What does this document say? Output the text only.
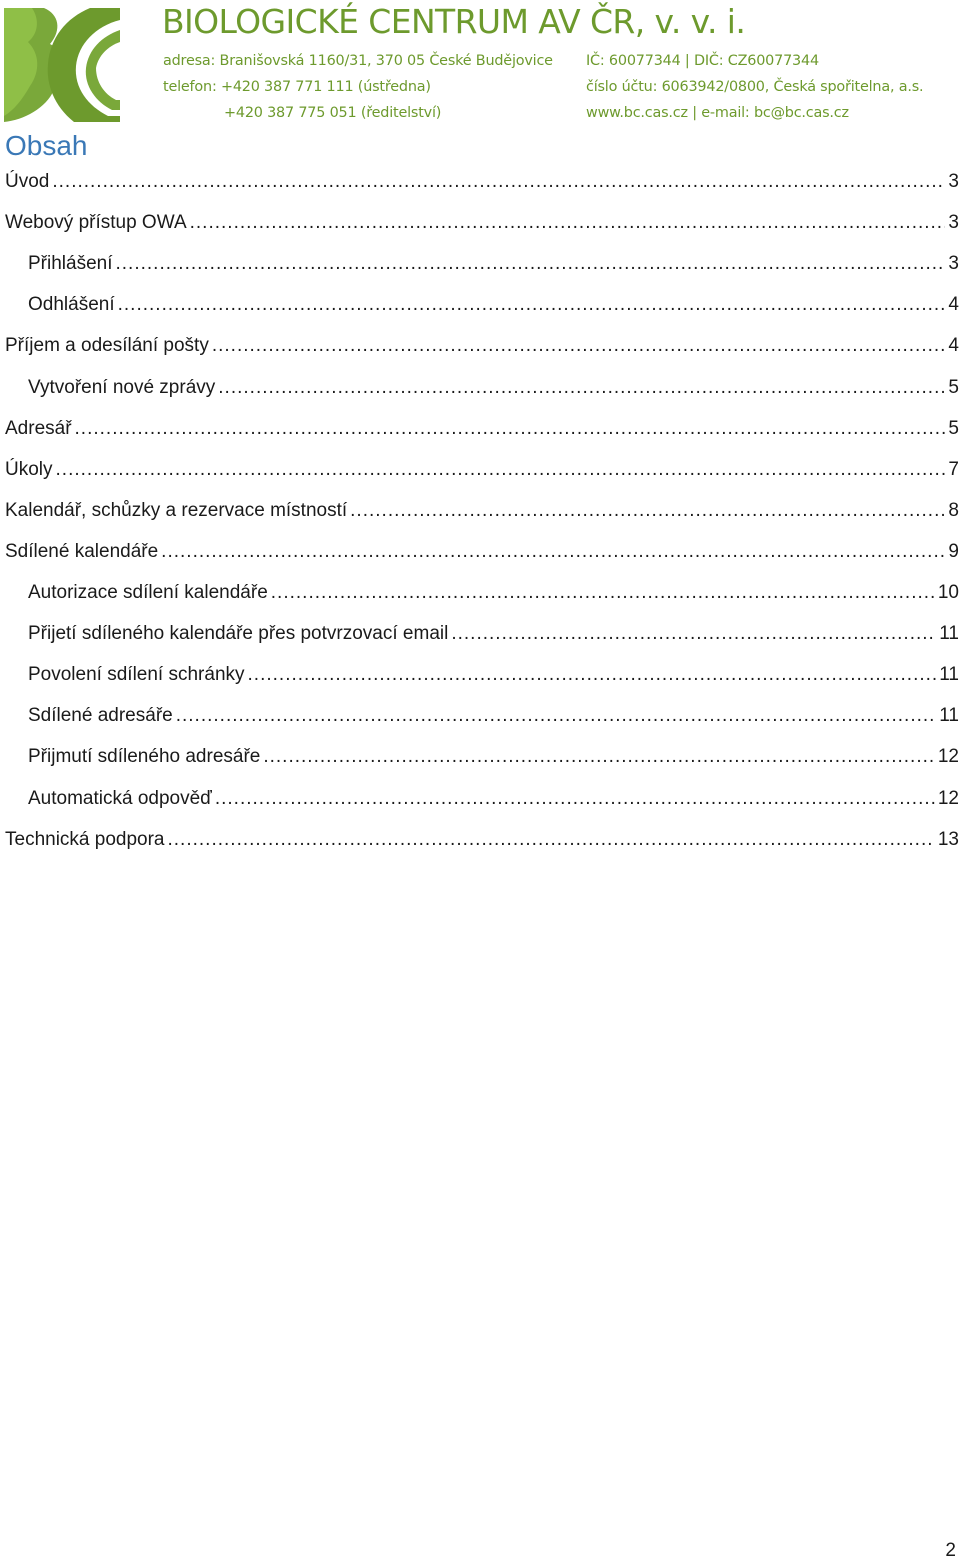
BIOLOGICKÉ CENTRUM AV ČR, v. v. i.
adresa: Branišovská 1160/31, 370 05 České Budějovice IČ: 60077344 | DIČ: CZ60077344
telefon: +420 387 771 111 (ústředna)	číslo účtu: 6063942/0800, Česká spořitelna, a.s.
+420 387 775 051 (ředitelství)	www.bc.cas.cz | e-mail: bc@bc.cas.cz
Obsah
Úvod .....	3
Webový přístup OWA .....	3
Přihlášení .....	3
Odhlášení .....	4
Příjem a odesílání pošty .....	4
Vytvoření nové zprávy .....	5
Adresář .....	5
Úkoly .....	7
Kalendář, schůzky a rezervace místností .....	8
Sdílené kalendáře .....	9
Autorizace sdílení kalendáře .....	10
Přijetí sdíleného kalendáře přes potvrzovací email .....	11
Povolení sdílení schránky .....	11
Sdílené adresáře .....	11
Přijmutí sdíleného adresáře .....	12
Automatická odpověď .....	12
Technická podpora .....	13
2
